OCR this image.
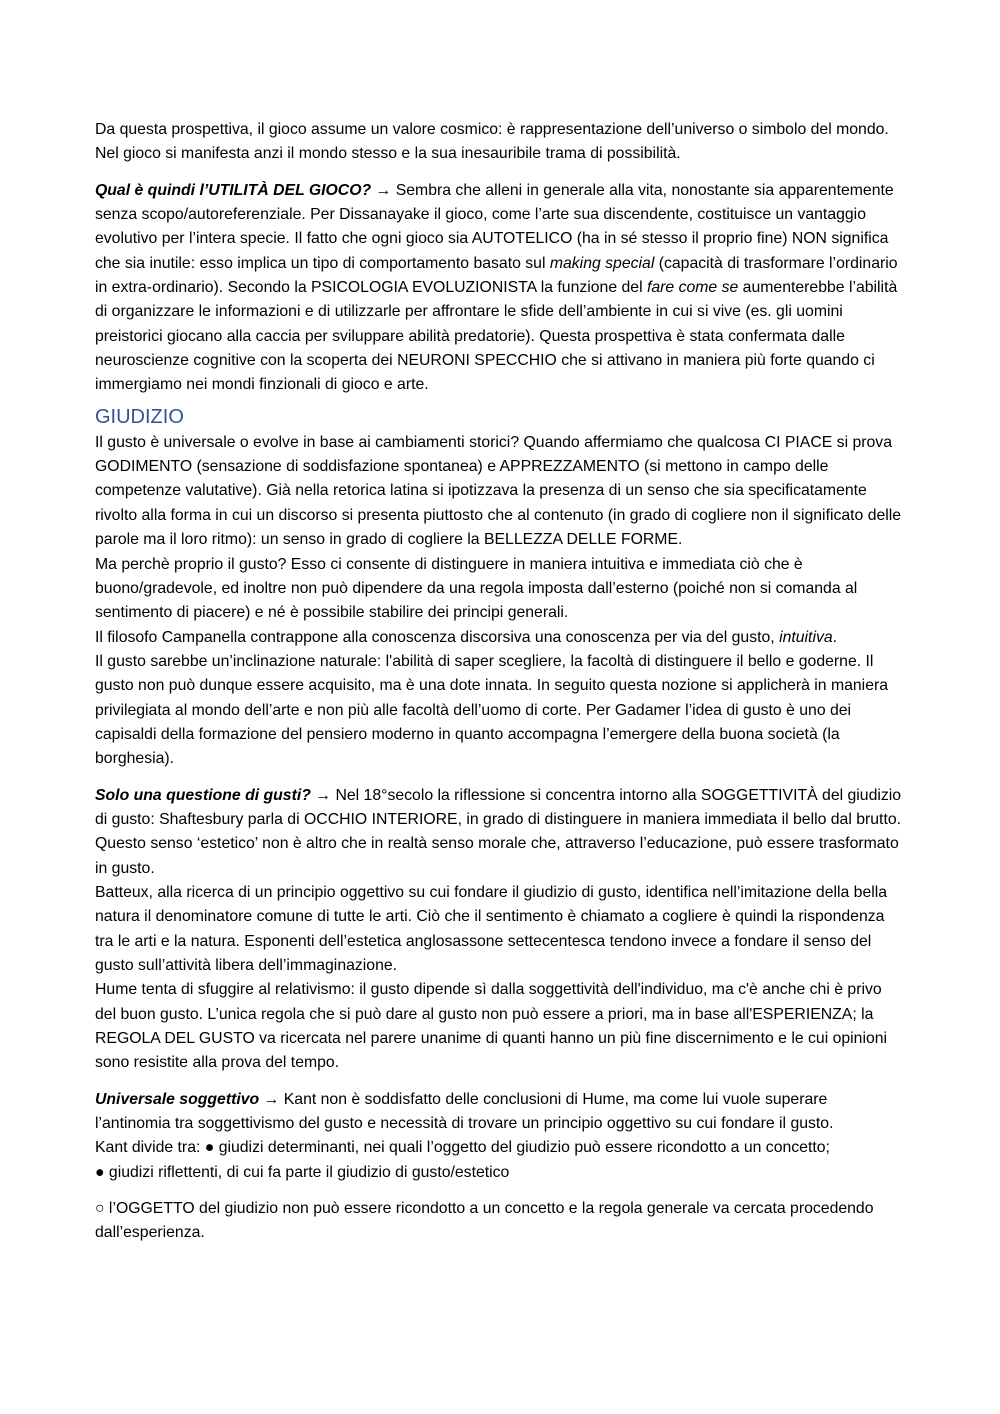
Da questa prospettiva, il gioco assume un valore cosmico: è rappresentazione dell’universo o simbolo del mondo. Nel gioco si manifesta anzi il mondo stesso e la sua inesauribile trama di possibilità.

Qual è quindi l’UTILITÀ DEL GIOCO? → Sembra che alleni in generale alla vita, nonostante sia apparentemente senza scopo/autoreferenziale. Per Dissanayake il gioco, come l’arte sua discendente, costituisce un vantaggio evolutivo per l’intera specie. Il fatto che ogni gioco sia AUTOTELICO (ha in sé stesso il proprio fine) NON significa che sia inutile: esso implica un tipo di comportamento basato sul making special (capacità di trasformare l’ordinario in extra-ordinario). Secondo la PSICOLOGIA EVOLUZIONISTA la funzione del fare come se aumenterebbe l’abilità di organizzare le informazioni e di utilizzarle per affrontare le sfide dell’ambiente in cui si vive (es. gli uomini preistorici giocano alla caccia per sviluppare abilità predatorie). Questa prospettiva è stata confermata dalle neuroscienze cognitive con la scoperta dei NEURONI SPECCHIO che si attivano in maniera più forte quando ci immergiamo nei mondi finzionali di gioco e arte.

GIUDIZIO

Il gusto è universale o evolve in base ai cambiamenti storici? Quando affermiamo che qualcosa CI PIACE si prova GODIMENTO (sensazione di soddisfazione spontanea) e APPREZZAMENTO (si mettono in campo delle competenze valutative). Già nella retorica latina si ipotizzava la presenza di un senso che sia specificatamente rivolto alla forma in cui un discorso si presenta piuttosto che al contenuto (in grado di cogliere non il significato delle parole ma il loro ritmo): un senso in grado di cogliere la BELLEZZA DELLE FORME.

Ma perchè proprio il gusto? Esso ci consente di distinguere in maniera intuitiva e immediata ciò che è buono/gradevole, ed inoltre non può dipendere da una regola imposta dall’esterno (poiché non si comanda al sentimento di piacere) e né è possibile stabilire dei principi generali.

Il filosofo Campanella contrappone alla conoscenza discorsiva una conoscenza per via del gusto, intuitiva.

Il gusto sarebbe un’inclinazione naturale: l'abilità di saper scegliere, la facoltà di distinguere il bello e goderne. Il gusto non può dunque essere acquisito, ma è una dote innata. In seguito questa nozione si applicherà in maniera privilegiata al mondo dell’arte e non più alle facoltà dell’uomo di corte. Per Gadamer l’idea di gusto è uno dei capisaldi della formazione del pensiero moderno in quanto accompagna l’emergere della buona società (la borghesia).

Solo una questione di gusti? → Nel 18°secolo la riflessione si concentra intorno alla SOGGETTIVITÀ del giudizio di gusto: Shaftesbury parla di OCCHIO INTERIORE, in grado di distinguere in maniera immediata il bello dal brutto. Questo senso ‘estetico’ non è altro che in realtà senso morale che, attraverso l’educazione, può essere trasformato in gusto.

Batteux, alla ricerca di un principio oggettivo su cui fondare il giudizio di gusto, identifica nell’imitazione della bella natura il denominatore comune di tutte le arti. Ciò che il sentimento è chiamato a cogliere è quindi la rispondenza tra le arti e la natura. Esponenti dell’estetica anglosassone settecentesca tendono invece a fondare il senso del gusto sull’attività libera dell’immaginazione.

Hume tenta di sfuggire al relativismo: il gusto dipende sì dalla soggettività dell'individuo, ma c'è anche chi è privo del buon gusto. L’unica regola che si può dare al gusto non può essere a priori, ma in base all'ESPERIENZA; la REGOLA DEL GUSTO va ricercata nel parere unanime di quanti hanno un più fine discernimento e le cui opinioni sono resistite alla prova del tempo.

Universale soggettivo → Kant non è soddisfatto delle conclusioni di Hume, ma come lui vuole superare l’antinomia tra soggettivismo del gusto e necessità di trovare un principio oggettivo su cui fondare il gusto.

Kant divide tra: ● giudizi determinanti, nei quali l’oggetto del giudizio può essere ricondotto a un concetto;

● giudizi riflettenti, di cui fa parte il giudizio di gusto/estetico

○ l’OGGETTO del giudizio non può essere ricondotto a un concetto e la regola generale va cercata procedendo dall’esperienza.
